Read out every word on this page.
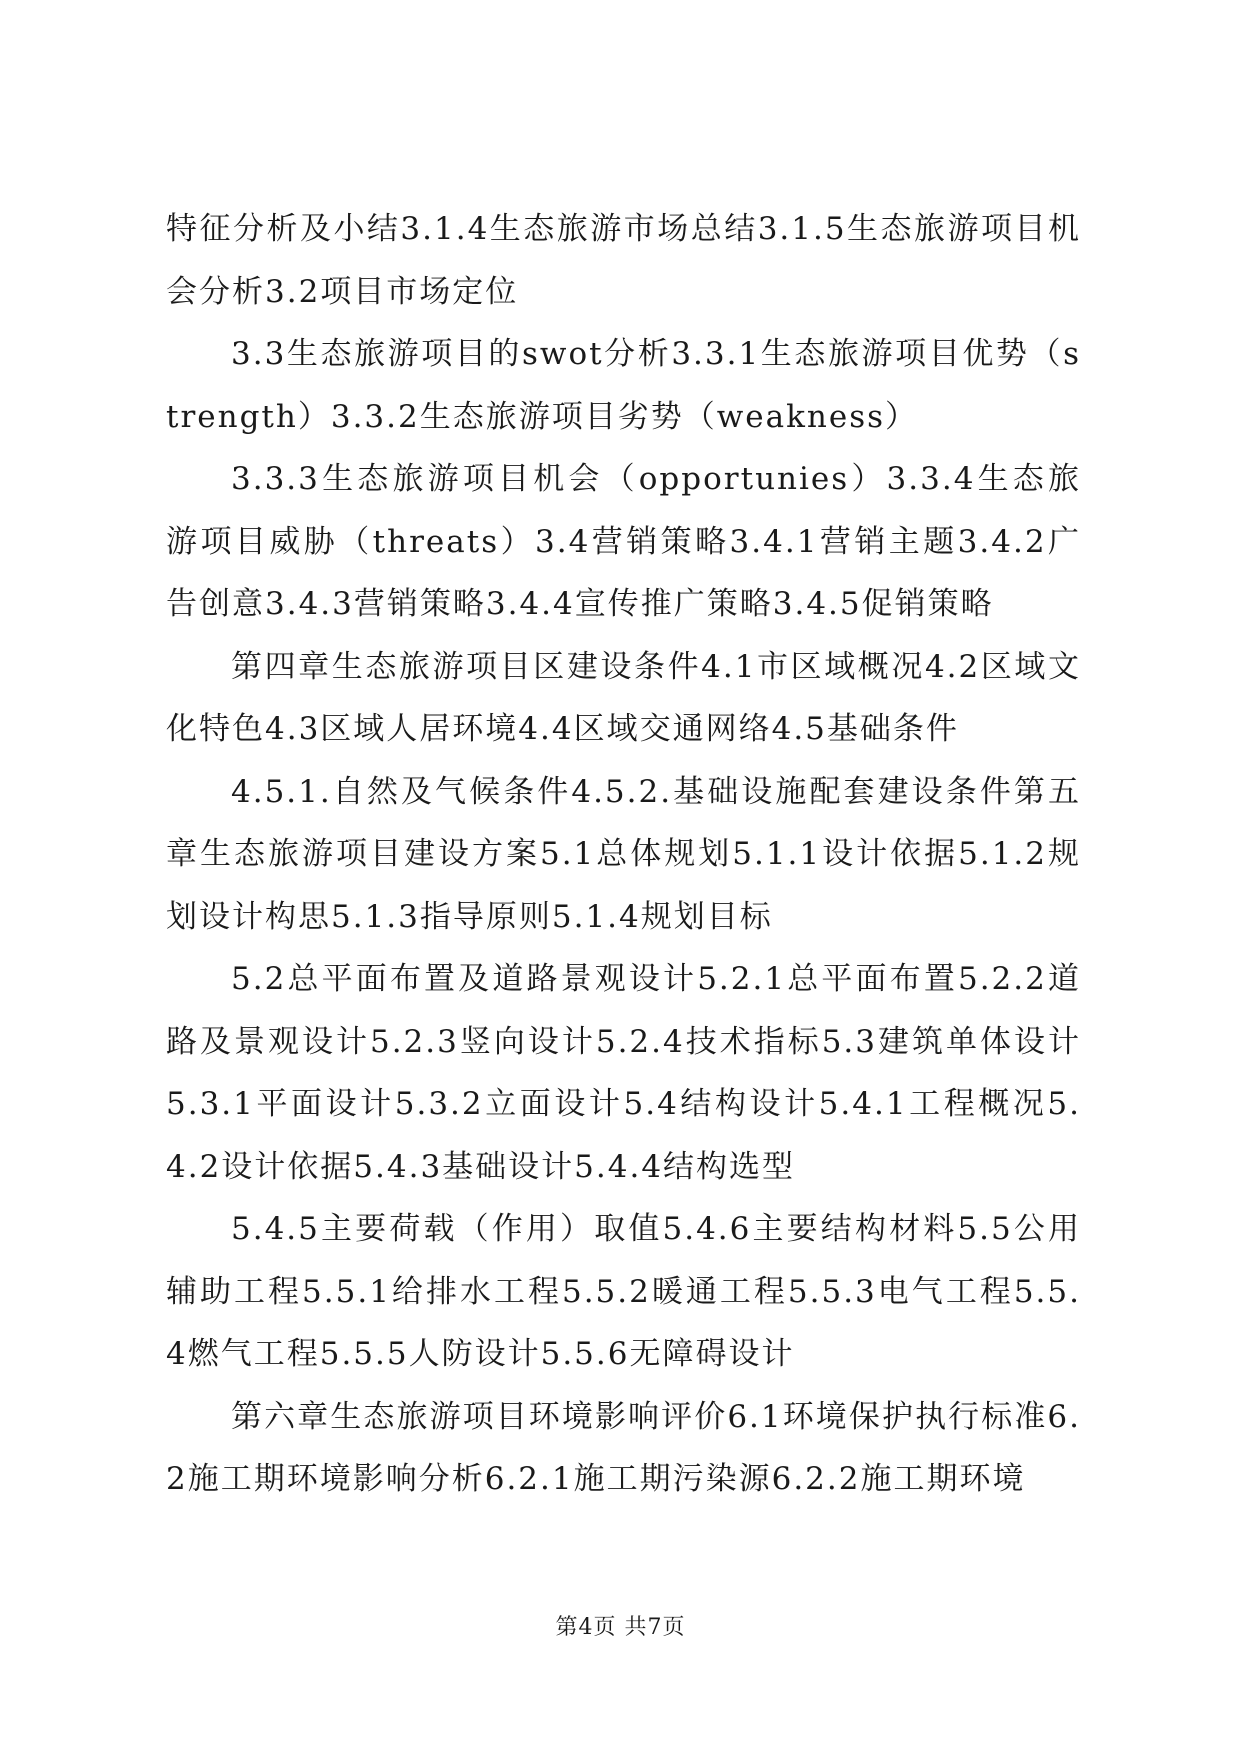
特征分析及小结3.1.4生态旅游市场总结3.1.5生态旅游项目机会分析3.2项目市场定位

3.3生态旅游项目的swot分析3.3.1生态旅游项目优势（strength）3.3.2生态旅游项目劣势（weakness）

3.3.3生态旅游项目机会（opportunies）3.3.4生态旅游项目威胁（threats）3.4营销策略3.4.1营销主题3.4.2广告创意3.4.3营销策略3.4.4宣传推广策略3.4.5促销策略

第四章生态旅游项目区建设条件4.1市区域概况4.2区域文化特色4.3区域人居环境4.4区域交通网络4.5基础条件

4.5.1.自然及气候条件4.5.2.基础设施配套建设条件第五章生态旅游项目建设方案5.1总体规划5.1.1设计依据5.1.2规划设计构思5.1.3指导原则5.1.4规划目标

5.2总平面布置及道路景观设计5.2.1总平面布置5.2.2道路及景观设计5.2.3竖向设计5.2.4技术指标5.3建筑单体设计5.3.1平面设计5.3.2立面设计5.4结构设计5.4.1工程概况5.4.2设计依据5.4.3基础设计5.4.4结构选型

5.4.5主要荷载（作用）取值5.4.6主要结构材料5.5公用辅助工程5.5.1给排水工程5.5.2暖通工程5.5.3电气工程5.5.4燃气工程5.5.5人防设计5.5.6无障碍设计

第六章生态旅游项目环境影响评价6.1环境保护执行标准6.2施工期环境影响分析6.2.1施工期污染源6.2.2施工期环境

第4页 共7页
